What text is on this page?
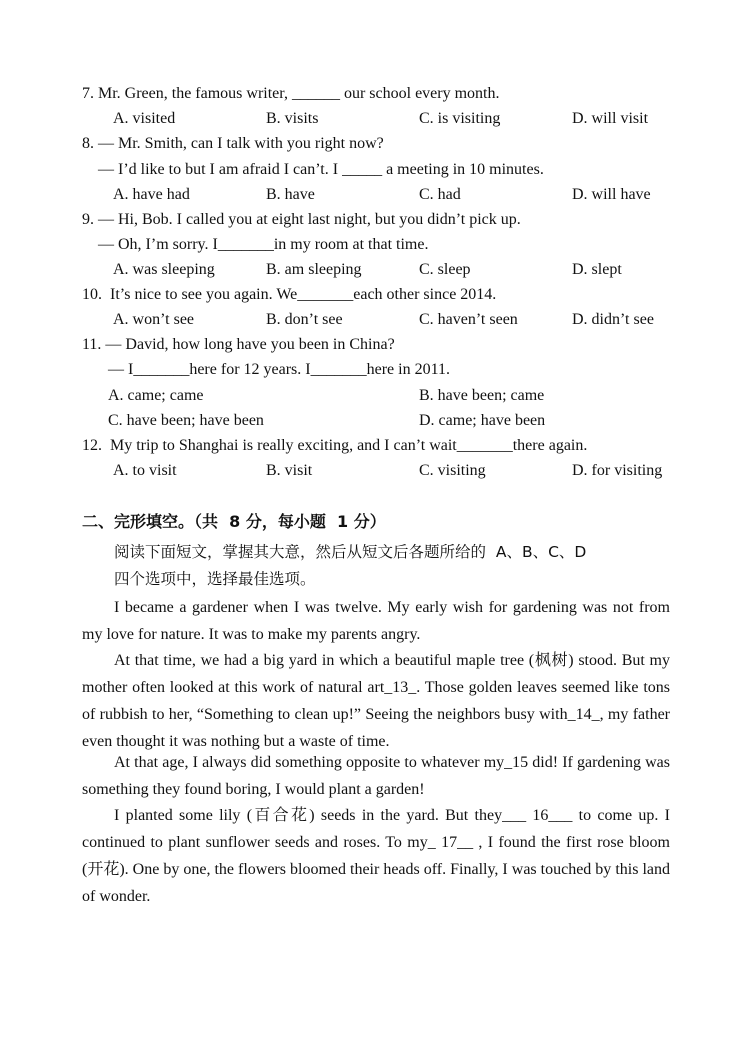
7. Mr. Green, the famous writer, ______ our school every month.
A. visited	B. visits	C. is visiting	D. will visit
8. — Mr. Smith, can I talk with you right now?
— I’d like to but I am afraid I can’t. I _____ a meeting in 10 minutes.
A. have had	B. have	C. had	D. will have
9. — Hi, Bob. I called you at eight last night, but you didn’t pick up.
— Oh, I’m sorry. I_______in my room at that time.
A. was sleeping	B. am sleeping	C. sleep	D. slept
10.  It’s nice to see you again. We_______each other since 2014.
A. won’t see	B. don’t see	C. haven’t seen	D. didn’t see
11. — David, how long have you been in China?
— I_______here for 12 years. I_______here in 2011.
A. came; came	B. have been; came
C. have been; have been	D. came; have been
12.  My trip to Shanghai is really exciting, and I can’t wait_______there again.
A. to visit	B. visit	C. visiting	D. for visiting
二、完形填空。（共  8 分，每小题  1 分）
阅读下面短文，掌握其大意，然后从短文后各题所给的  A、B、C、D
四个选项中，选择最佳选项。
I became a gardener when I was twelve. My early wish for gardening was not from my love for nature. It was to make my parents angry.
At that time, we had a big yard in which a beautiful maple tree (枫树) stood. But my mother often looked at this work of natural art_13_. Those golden leaves seemed like tons of rubbish to her, “Something to clean up!” Seeing the neighbors busy with_14_, my father even thought it was nothing but a waste of time.
At that age, I always did something opposite to whatever my_15 did! If gardening was something they found boring, I would plant a garden!
I planted some lily (百合花) seeds in the yard. But they___ 16___ to come up. I continued to plant sunflower seeds and roses. To my_ 17__ , I found the first rose bloom (开花). One by one, the flowers bloomed their heads off. Finally, I was touched by this land of wonder.
